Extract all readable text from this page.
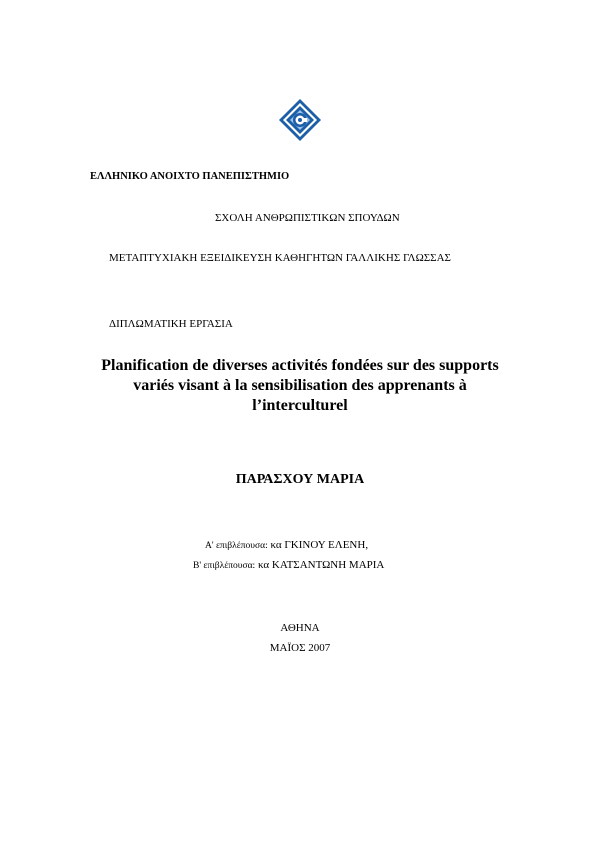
ΕΛΛΗΝΙΚΟ ΑΝΟΙΧΤΟ ΠΑΝΕΠΙΣΤΗΜΙΟ
ΣΧΟΛΗ ΑΝΘΡΩΠΙΣΤΙΚΩΝ ΣΠΟΥΔΩΝ
ΜΕΤΑΠΤΥΧΙΑΚΗ ΕΞΕΙΔΙΚΕΥΣΗ ΚΑΘΗΓΗΤΩΝ ΓΑΛΛΙΚΗΣ ΓΛΩΣΣΑΣ
ΔΙΠΛΩΜΑΤΙΚΗ ΕΡΓΑΣΙΑ
Planification de diverses activités fondées sur des supports
variés visant à la sensibilisation des apprenants à
l’interculturel
ΠΑΡΑΣΧΟΥ ΜΑΡΙΑ
Α' επιβλέπουσα: κα ΓΚΙΝΟΥ ΕΛΕΝΗ,
Β' επιβλέπουσα: κα ΚΑΤΣΑΝΤΩΝΗ ΜΑΡΙΑ
ΑΘΗΝΑ
ΜΑΪΟΣ 2007
